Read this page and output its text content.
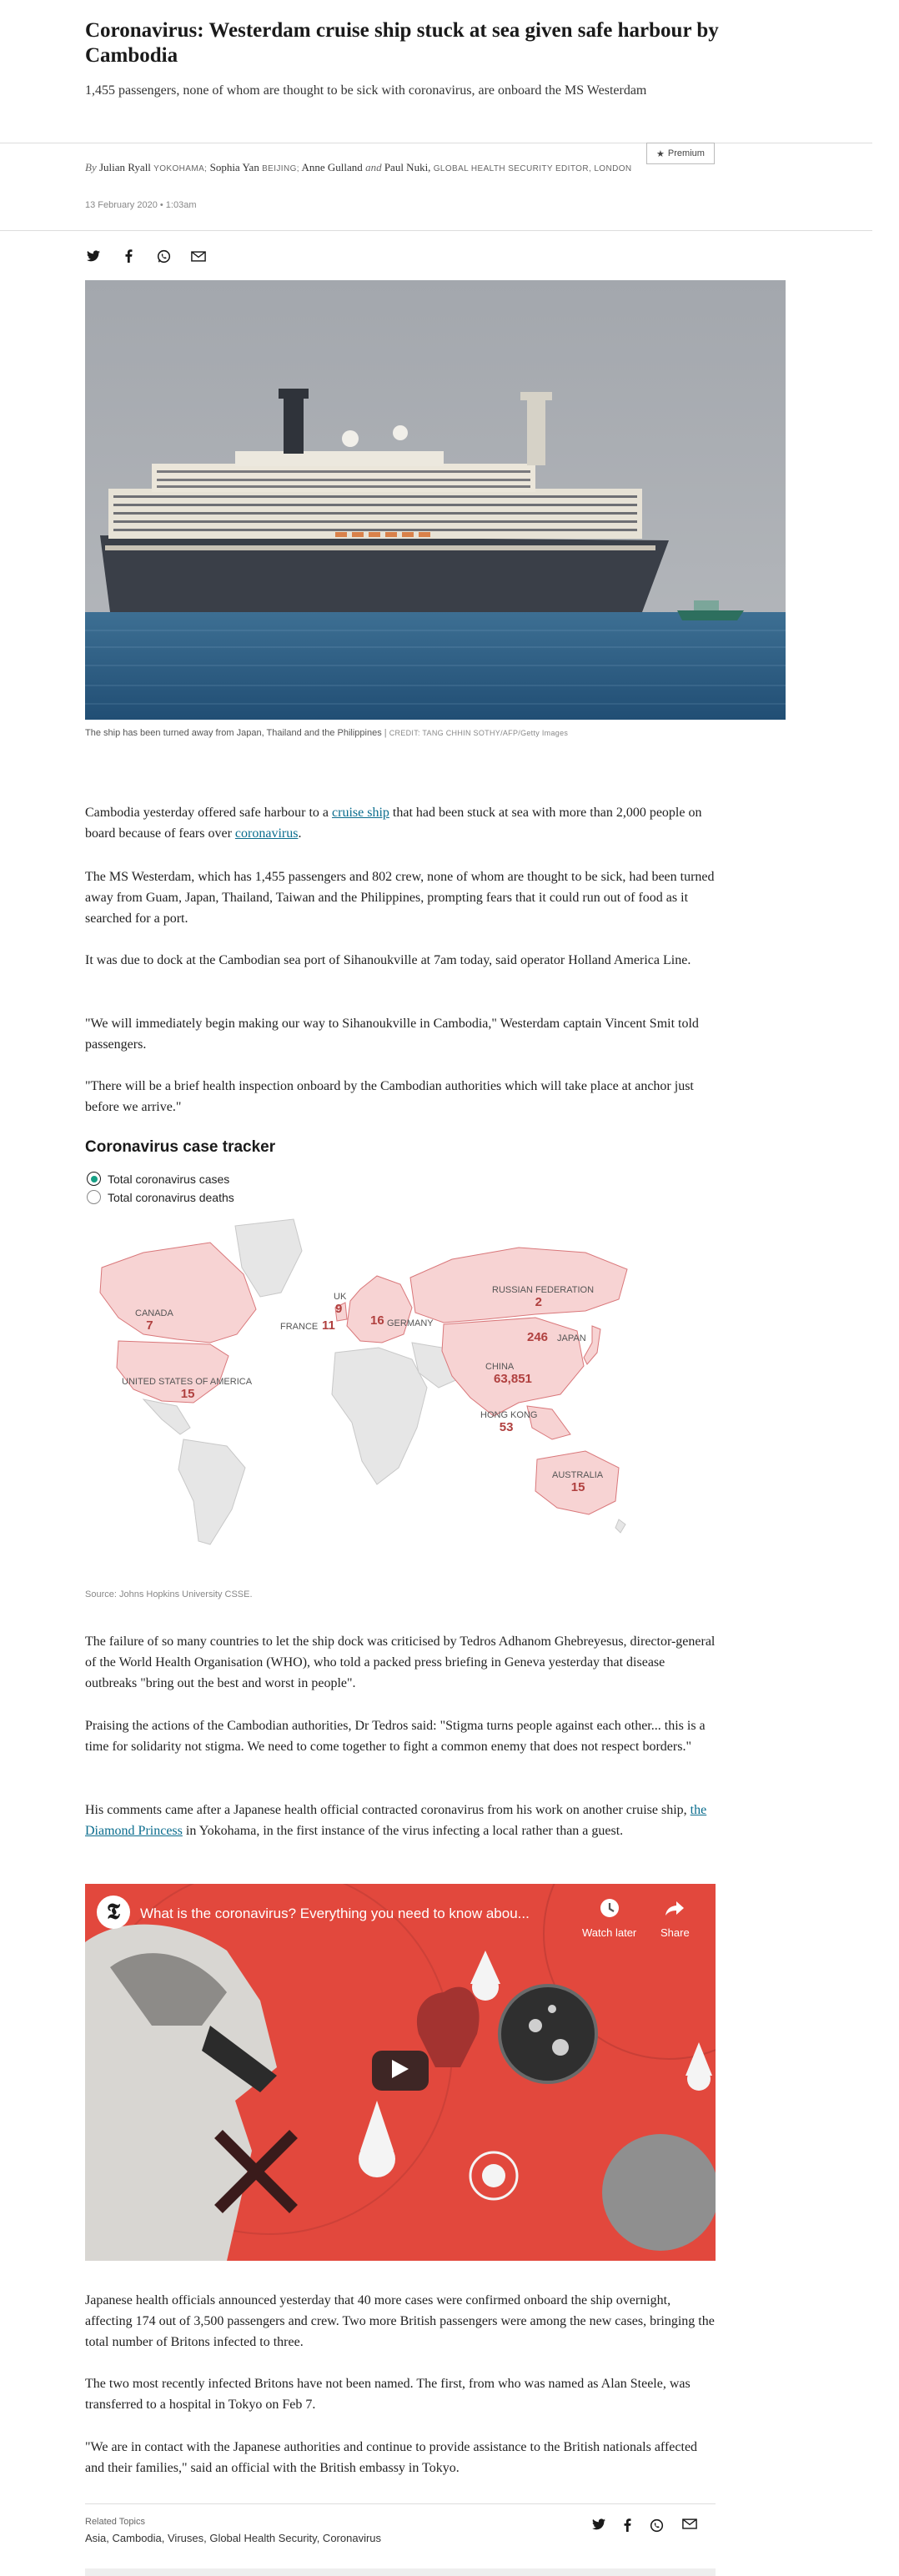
Coronavirus: Westerdam cruise ship stuck at sea given safe harbour by Cambodia

1,455 passengers, none of whom are thought to be sick with coronavirus, are onboard the MS Westerdam

★ Premium
By Julian Ryall YOKOHAMA; Sophia Yan BEIJING; Anne Gulland and Paul Nuki, GLOBAL HEALTH SECURITY EDITOR, LONDON
13 February 2020 • 1:03am
The ship has been turned away from Japan, Thailand and the Philippines | CREDIT: TANG CHHIN SOTHY/AFP/Getty Images

Cambodia yesterday offered safe harbour to a cruise ship that had been stuck at sea with more than 2,000 people on board because of fears over coronavirus.

The MS Westerdam, which has 1,455 passengers and 802 crew, none of whom are thought to be sick, had been turned away from Guam, Japan, Thailand, Taiwan and the Philippines, prompting fears that it could run out of food as it searched for a port.

It was due to dock at the Cambodian sea port of Sihanoukville at 7am today, said operator Holland America Line.

"We will immediately begin making our way to Sihanoukville in Cambodia," Westerdam captain Vincent Smit told passengers.

"There will be a brief health inspection onboard by the Cambodian authorities which will take place at anchor just before we arrive."

Coronavirus case tracker
Total coronavirus cases
Total coronavirus deaths
CANADA
7
UNITED STATES OF AMERICA
15
UK
9
FRANCE 11	GERMANY
16
RUSSIAN FEDERATION
2
CHINA
63,851
JAPAN
246
HONG KONG
53
AUSTRALIA
15
Source: Johns Hopkins University CSSE.

The failure of so many countries to let the ship dock was criticised by Tedros Adhanom Ghebreyesus, director-general of the World Health Organisation (WHO), who told a packed press briefing in Geneva yesterday that disease outbreaks "bring out the best and worst in people".

Praising the actions of the Cambodian authorities, Dr Tedros said: "Stigma turns people against each other... this is a time for solidarity not stigma. We need to come together to fight a common enemy that does not respect borders."

His comments came after a Japanese health official contracted coronavirus from his work on another cruise ship, the Diamond Princess in Yokohama, in the first instance of the virus infecting a local rather than a guest.

𝕿	What is the coronavirus? Everything you need to know abou...
Watch later Share

Japanese health officials announced yesterday that 40 more cases were confirmed onboard the ship overnight, affecting 174 out of 3,500 passengers and crew. Two more British passengers were among the new cases, bringing the total number of Britons infected to three.

The two most recently infected Britons have not been named. The first, from who was named as Alan Steele, was transferred to a hospital in Tokyo on Feb 7.

"We are in contact with the Japanese authorities and continue to provide assistance to the British nationals affected and their families," said an official with the British embassy in Tokyo.

Related Topics
Asia, Cambodia, Viruses, Global Health Security, Coronavirus
